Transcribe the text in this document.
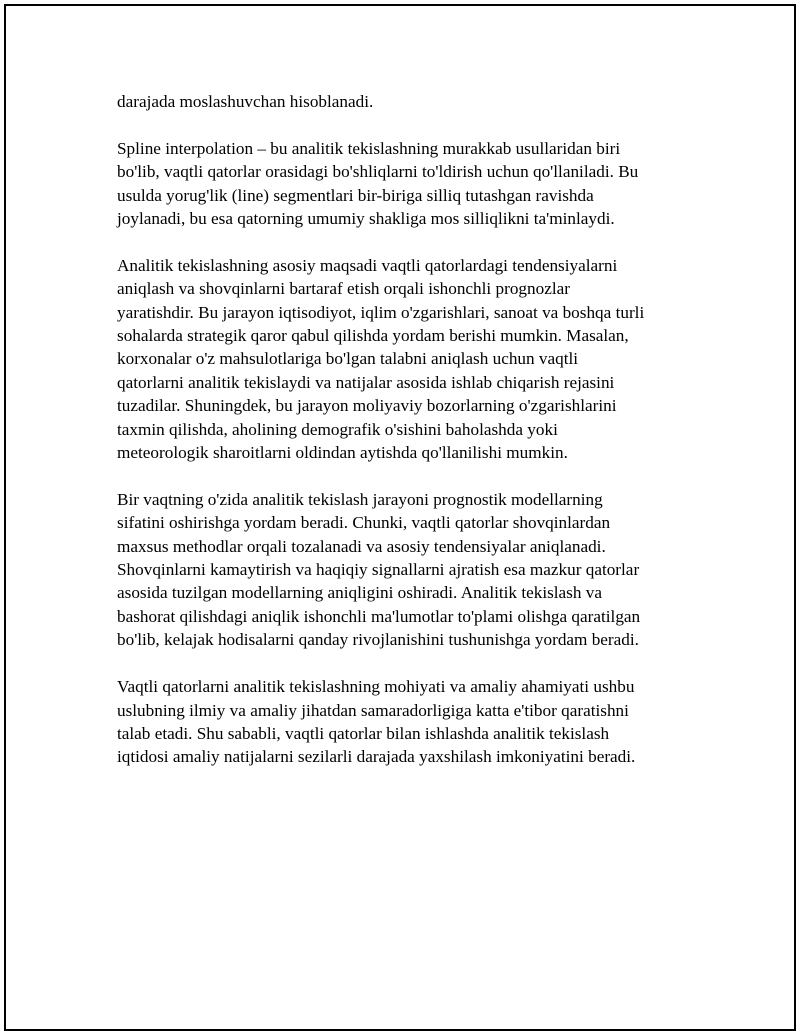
darajada moslashuvchan hisoblanadi.

Spline interpolation – bu analitik tekislashning murakkab usullaridan biri
bo'lib, vaqtli qatorlar orasidagi bo'shliqlarni to'ldirish uchun qo'llaniladi. Bu
usulda yorug'lik (line) segmentlari bir-biriga silliq tutashgan ravishda
joylanadi, bu esa qatorning umumiy shakliga mos silliqlikni ta'minlaydi.

Analitik tekislashning asosiy maqsadi vaqtli qatorlardagi tendensiyalarni
aniqlash va shovqinlarni bartaraf etish orqali ishonchli prognozlar
yaratishdir. Bu jarayon iqtisodiyot, iqlim o'zgarishlari, sanoat va boshqa turli
sohalarda strategik qaror qabul qilishda yordam berishi mumkin. Masalan,
korxonalar o'z mahsulotlariga bo'lgan talabni aniqlash uchun vaqtli
qatorlarni analitik tekislaydi va natijalar asosida ishlab chiqarish rejasini
tuzadilar. Shuningdek, bu jarayon moliyaviy bozorlarning o'zgarishlarini
taxmin qilishda, aholining demografik o'sishini baholashda yoki
meteorologik sharoitlarni oldindan aytishda qo'llanilishi mumkin.

Bir vaqtning o'zida analitik tekislash jarayoni prognostik modellarning
sifatini oshirishga yordam beradi. Chunki, vaqtli qatorlar shovqinlardan
maxsus methodlar orqali tozalanadi va asosiy tendensiyalar aniqlanadi.
Shovqinlarni kamaytirish va haqiqiy signallarni ajratish esa mazkur qatorlar
asosida tuzilgan modellarning aniqligini oshiradi. Analitik tekislash va
bashorat qilishdagi aniqlik ishonchli ma'lumotlar to'plami olishga qaratilgan
bo'lib, kelajak hodisalarni qanday rivojlanishini tushunishga yordam beradi.

Vaqtli qatorlarni analitik tekislashning mohiyati va amaliy ahamiyati ushbu
uslubning ilmiy va amaliy jihatdan samaradorligiga katta e'tibor qaratishni
talab etadi. Shu sababli, vaqtli qatorlar bilan ishlashda analitik tekislash
iqtidosi amaliy natijalarni sezilarli darajada yaxshilash imkoniyatini beradi.
